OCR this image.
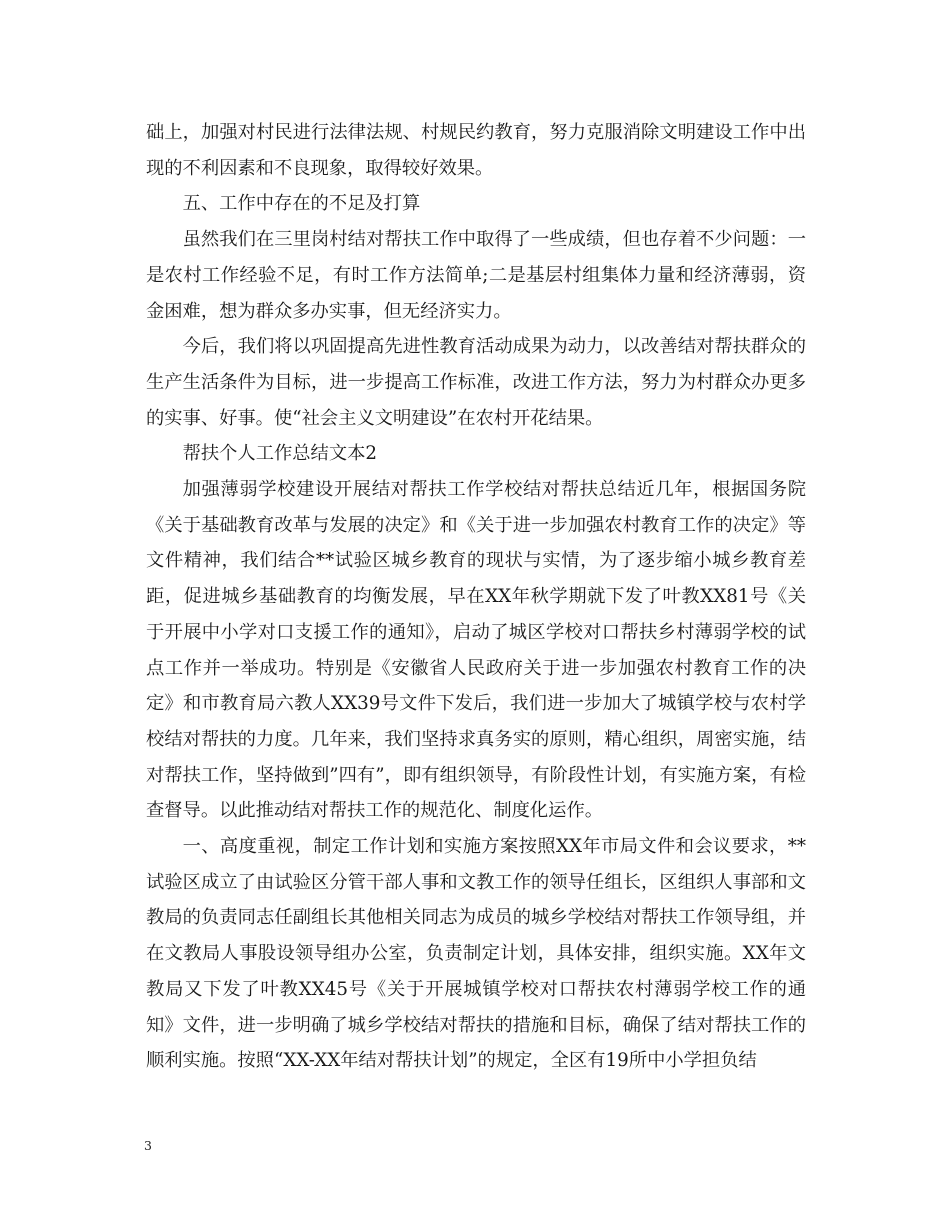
础上，加强对村民进行法律法规、村规民约教育，努力克服消除文明建设工作中出现的不利因素和不良现象，取得较好效果。

五、工作中存在的不足及打算

虽然我们在三里岗村结对帮扶工作中取得了一些成绩，但也存着不少问题：一是农村工作经验不足，有时工作方法简单;二是基层村组集体力量和经济薄弱，资金困难，想为群众多办实事，但无经济实力。

今后，我们将以巩固提高先进性教育活动成果为动力，以改善结对帮扶群众的生产生活条件为目标，进一步提高工作标准，改进工作方法，努力为村群众办更多的实事、好事。使“社会主义文明建设”在农村开花结果。

帮扶个人工作总结文本2

加强薄弱学校建设开展结对帮扶工作学校结对帮扶总结近几年，根据国务院《关于基础教育改革与发展的决定》和《关于进一步加强农村教育工作的决定》等文件精神，我们结合**试验区城乡教育的现状与实情，为了逐步缩小城乡教育差距，促进城乡基础教育的均衡发展，早在XX年秋学期就下发了叶教XX81号《关于开展中小学对口支援工作的通知》，启动了城区学校对口帮扶乡村薄弱学校的试点工作并一举成功。特别是《安徽省人民政府关于进一步加强农村教育工作的决定》和市教育局六教人XX39号文件下发后，我们进一步加大了城镇学校与农村学校结对帮扶的力度。几年来，我们坚持求真务实的原则，精心组织，周密实施，结对帮扶工作，坚持做到”四有”，即有组织领导，有阶段性计划，有实施方案，有检查督导。以此推动结对帮扶工作的规范化、制度化运作。

一、高度重视，制定工作计划和实施方案按照XX年市局文件和会议要求，**试验区成立了由试验区分管干部人事和文教工作的领导任组长，区组织人事部和文教局的负责同志任副组长其他相关同志为成员的城乡学校结对帮扶工作领导组，并在文教局人事股设领导组办公室，负责制定计划，具体安排，组织实施。XX年文教局又下发了叶教XX45号《关于开展城镇学校对口帮扶农村薄弱学校工作的通知》文件，进一步明确了城乡学校结对帮扶的措施和目标，确保了结对帮扶工作的顺利实施。按照“XX-XX年结对帮扶计划”的规定，全区有19所中小学担负结

3
